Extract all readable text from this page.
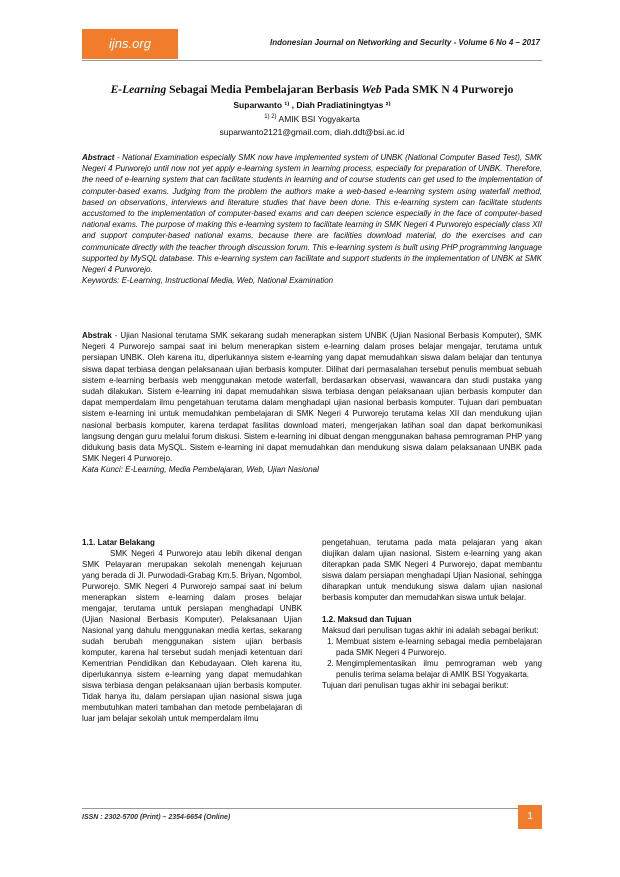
ijns.org	Indonesian Journal on Networking and Security - Volume 6 No 4 – 2017
E-Learning Sebagai Media Pembelajaran Berbasis Web Pada SMK N 4 Purworejo
Suparwanto ¹⁾ , Diah Pradiatiningtyas ²⁾
$^{1) 2)}$ AMIK BSI Yogyakarta
suparwanto2121@gmail.com, diah.ddt@bsi.ac.id
Abstract - National Examination especially SMK now have implemented system of UNBK (National Computer Based Test), SMK Negeri 4 Purworejo until now not yet apply e-learning system in learning process, especially for preparation of UNBK. Therefore, the need of e-learning system that can facilitate students in learning and of course students can get used to the implementation of computer-based exams. Judging from the problem the authors make a web-based e-learning system using waterfall method, based on observations, interviews and literature studies that have been done. This e-learning system can facilitate students accustomed to the implementation of computer-based exams and can deepen science especially in the face of computer-based national exams. The purpose of making this e-learning system to facilitate learning in SMK Negeri 4 Purworejo especially class XII and support computer-based national exams, because there are facilities download material, do the exercises and can communicate directly with the teacher through discussion forum. This e-learning system is built using PHP programming language supported by MySQL database. This e-learning system can facilitate and support students in the implementation of UNBK at SMK Negeri 4 Purworejo.
Keywords: E-Learning, Instructional Media, Web, National Examination
Abstrak - Ujian Nasional terutama SMK sekarang sudah menerapkan sistem UNBK (Ujian Nasional Berbasis Komputer), SMK Negeri 4 Purworejo sampai saat ini belum menerapkan sistem e-learning dalam proses belajar mengajar, terutama untuk persiapan UNBK. Oleh karena itu, diperlukannya sistem e-learning yang dapat memudahkan siswa dalam belajar dan tentunya siswa dapat terbiasa dengan pelaksanaan ujian berbasis komputer. Dilihat dari permasalahan tersebut penulis membuat sebuah sistem e-learning berbasis web menggunakan metode waterfall, berdasarkan observasi, wawancara dan studi pustaka yang sudah dilakukan. Sistem e-learning ini dapat memudahkan siswa terbiasa dengan pelaksanaan ujian berbasis komputer dan dapat memperdalam ilmu pengetahuan terutama dalam menghadapi ujian nasional berbasis komputer. Tujuan dari pembuatan sistem e-learning ini untuk memudahkan pembelajaran di SMK Negeri 4 Purworejo terutama kelas XII dan mendukung ujian nasional berbasis komputer, karena terdapat fasilitas download materi, mengerjakan latihan soal dan dapat berkomunikasi langsung dengan guru melalui forum diskusi. Sistem e-learning ini dibuat dengan menggunakan bahasa pemrograman PHP yang didukung basis data MySQL. Sistem e-learning ini dapat memudahkan dan mendukung siswa dalam pelaksanaan UNBK pada SMK Negeri 4 Purworejo.
Kata Kunci: E-Learning, Media Pembelajaran, Web, Ujian Nasional

1.1. Latar Belakang

SMK Negeri 4 Purworejo atau lebih dikenal dengan SMK Pelayaran merupakan sekolah menengah kejuruan yang berada di Jl. Purwodadi-Grabag Km.5. Briyan, Ngombol, Purworejo. SMK Negeri 4 Purworejo sampai saat ini belum menerapkan sistem e-learning dalam proses belajar mengajar, terutama untuk persiapan menghadapi UNBK (Ujian Nasional Berbasis Komputer). Pelaksanaan Ujian Nasional yang dahulu menggunakan media kertas, sekarang sudah berubah menggunakan sistem ujian berbasis komputer, karena hal tersebut sudah menjadi ketentuan dari Kementrian Pendidikan dan Kebudayaan. Oleh karena itu, diperlukannya sistem e-learning yang dapat memudahkan siswa terbiasa dengan pelaksanaan ujian berbasis komputer. Tidak hanya itu, dalam persiapan ujian nasional siswa juga membutuhkan materi tambahan dan metode pembelajaran di luar jam belajar sekolah untuk memperdalam ilmu

pengetahuan, terutama pada mata pelajaran yang akan diujikan dalam ujian nasional. Sistem e-learning yang akan diterapkan pada SMK Negeri 4 Purworejo, dapat membantu siswa dalam persiapan menghadapi Ujian Nasional, sehingga diharapkan untuk mendukung siswa dalam ujian nasional berbasis komputer dan memudahkan siswa untuk belajar.

1.2. Maksud dan Tujuan

Maksud dari penulisan tugas akhir ini adalah sebagai berikut:

1. Membuat sistem e-learning sebagai media pembelajaran pada SMK Negeri 4 Purworejo.
2. Mengimplementasikan ilmu pemrograman web yang penulis terima selama belajar di AMIK BSI Yogyakarta.

Tujuan dari penulisan tugas akhir ini sebagai berikut:

ISSN : 2302-5700 (Print) – 2354-6654 (Online)	1
